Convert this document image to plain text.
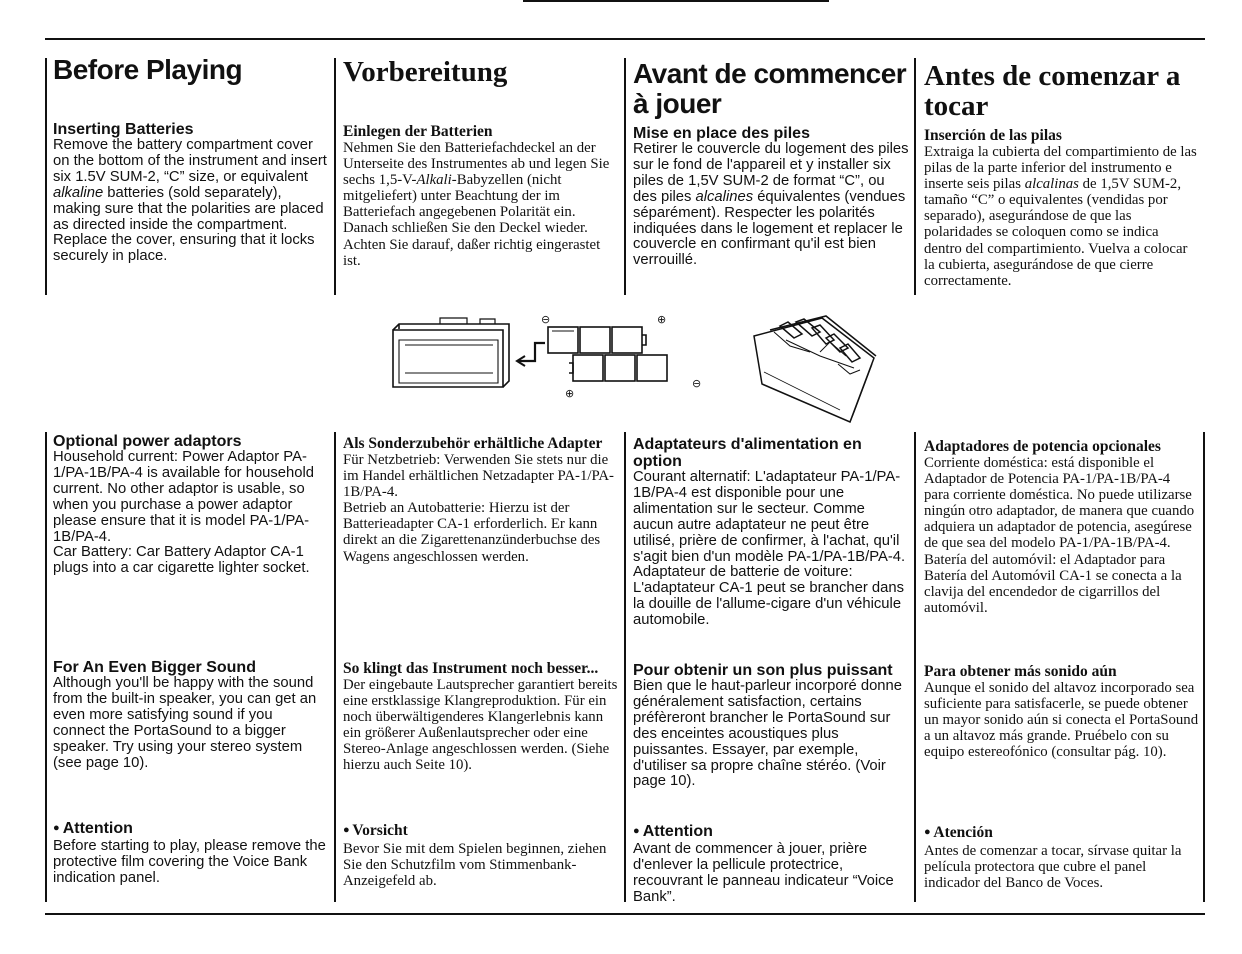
Before Playing

Inserting Batteries

Remove the battery compartment cover on the bottom of the instrument and insert six 1.5V SUM-2, “C” size, or equivalent alkaline batteries (sold separately), making sure that the polarities are placed as directed inside the compartment. Replace the cover, ensuring that it locks securely in place.

Optional power adaptors

Household current: Power Adaptor PA-1/PA-1B/PA-4 is available for household current. No other adaptor is usable, so when you purchase a power adaptor please ensure that it is model PA-1/PA-1B/PA-4.
Car Battery: Car Battery Adaptor CA-1 plugs into a car cigarette lighter socket.

For An Even Bigger Sound

Although you'll be happy with the sound from the built-in speaker, you can get an even more satisfying sound if you connect the PortaSound to a bigger speaker. Try using your stereo system (see page 10).

● Attention

Before starting to play, please remove the protective film covering the Voice Bank indication panel.

Vorbereitung

Einlegen der Batterien

Nehmen Sie den Batteriefachdeckel an der Unterseite des Instrumentes ab und legen Sie sechs 1,5-V-Alkali-Babyzellen (nicht mitgeliefert) unter Beachtung der im Batteriefach angegebenen Polarität ein. Danach schließen Sie den Deckel wieder. Achten Sie darauf, daßer richtig eingerastet ist.

Als Sonderzubehör erhältliche Adapter

Für Netzbetrieb: Verwenden Sie stets nur die im Handel erhältlichen Netzadapter PA-1/PA-1B/PA-4.
Betrieb an Autobatterie: Hierzu ist der Batterieadapter CA-1 erforderlich. Er kann direkt an die Zigarettenanzünderbuchse des Wagens angeschlossen werden.

So klingt das Instrument noch besser...

Der eingebaute Lautsprecher garantiert bereits eine erstklassige Klangreproduktion. Für ein noch überwältigenderes Klangerlebnis kann ein größerer Außenlautsprecher oder eine Stereo-Anlage angeschlossen werden. (Siehe hierzu auch Seite 10).

● Vorsicht

Bevor Sie mit dem Spielen beginnen, ziehen Sie den Schutzfilm vom Stimmenbank-Anzeigefeld ab.

Avant de commencer à jouer

Mise en place des piles

Retirer le couvercle du logement des piles sur le fond de l'appareil et y installer six piles de 1,5V SUM-2 de format “C”, ou des piles alcalines équivalentes (vendues séparément). Respecter les polarités indiquées dans le logement et replacer le couvercle en confirmant qu'il est bien verrouillé.

Adaptateurs d'alimentation en option

Courant alternatif: L'adaptateur PA-1/PA-1B/PA-4 est disponible pour une alimentation sur le secteur. Comme aucun autre adaptateur ne peut être utilisé, prière de confirmer, à l'achat, qu'il s'agit bien d'un modèle PA-1/PA-1B/PA-4.
Adaptateur de batterie de voiture: L'adaptateur CA-1 peut se brancher dans la douille de l'allume-cigare d'un véhicule automobile.

Pour obtenir un son plus puissant

Bien que le haut-parleur incorporé donne généralement satisfaction, certains préfèreront brancher le PortaSound sur des enceintes acoustiques plus puissantes. Essayer, par exemple, d'utiliser sa propre chaîne stéréo. (Voir page 10).

● Attention

Avant de commencer à jouer, prière d'enlever la pellicule protectrice, recouvrant le panneau indicateur “Voice Bank”.

Antes de comenzar a tocar

Inserción de las pilas

Extraiga la cubierta del compartimiento de las pilas de la parte inferior del instrumento e inserte seis pilas alcalinas de 1,5V SUM-2, tamaño “C” o equivalentes (vendidas por separado), asegurándose de que las polaridades se coloquen como se indica dentro del compartimiento. Vuelva a colocar la cubierta, asegurándose de que cierre correctamente.

Adaptadores de potencia opcionales

Corriente doméstica: está disponible el Adaptador de Potencia PA-1/PA-1B/PA-4 para corriente doméstica. No puede utilizarse ningún otro adaptador, de manera que cuando adquiera un adaptador de potencia, asegúrese de que sea del modelo PA-1/PA-1B/PA-4.
Batería del automóvil: el Adaptador para Batería del Automóvil CA-1 se conecta a la clavija del encendedor de cigarrillos del automóvil.

Para obtener más sonido aún

Aunque el sonido del altavoz incorporado sea suficiente para satisfacerle, se puede obtener un mayor sonido aún si conecta el PortaSound a un altavoz más grande. Pruébelo con su equipo estereofónico (consultar pág. 10).

● Atención

Antes de comenzar a tocar, sírvase quitar la película protectora que cubre el panel indicador del Banco de Voces.

⊖	⊕
⊕
⊖
